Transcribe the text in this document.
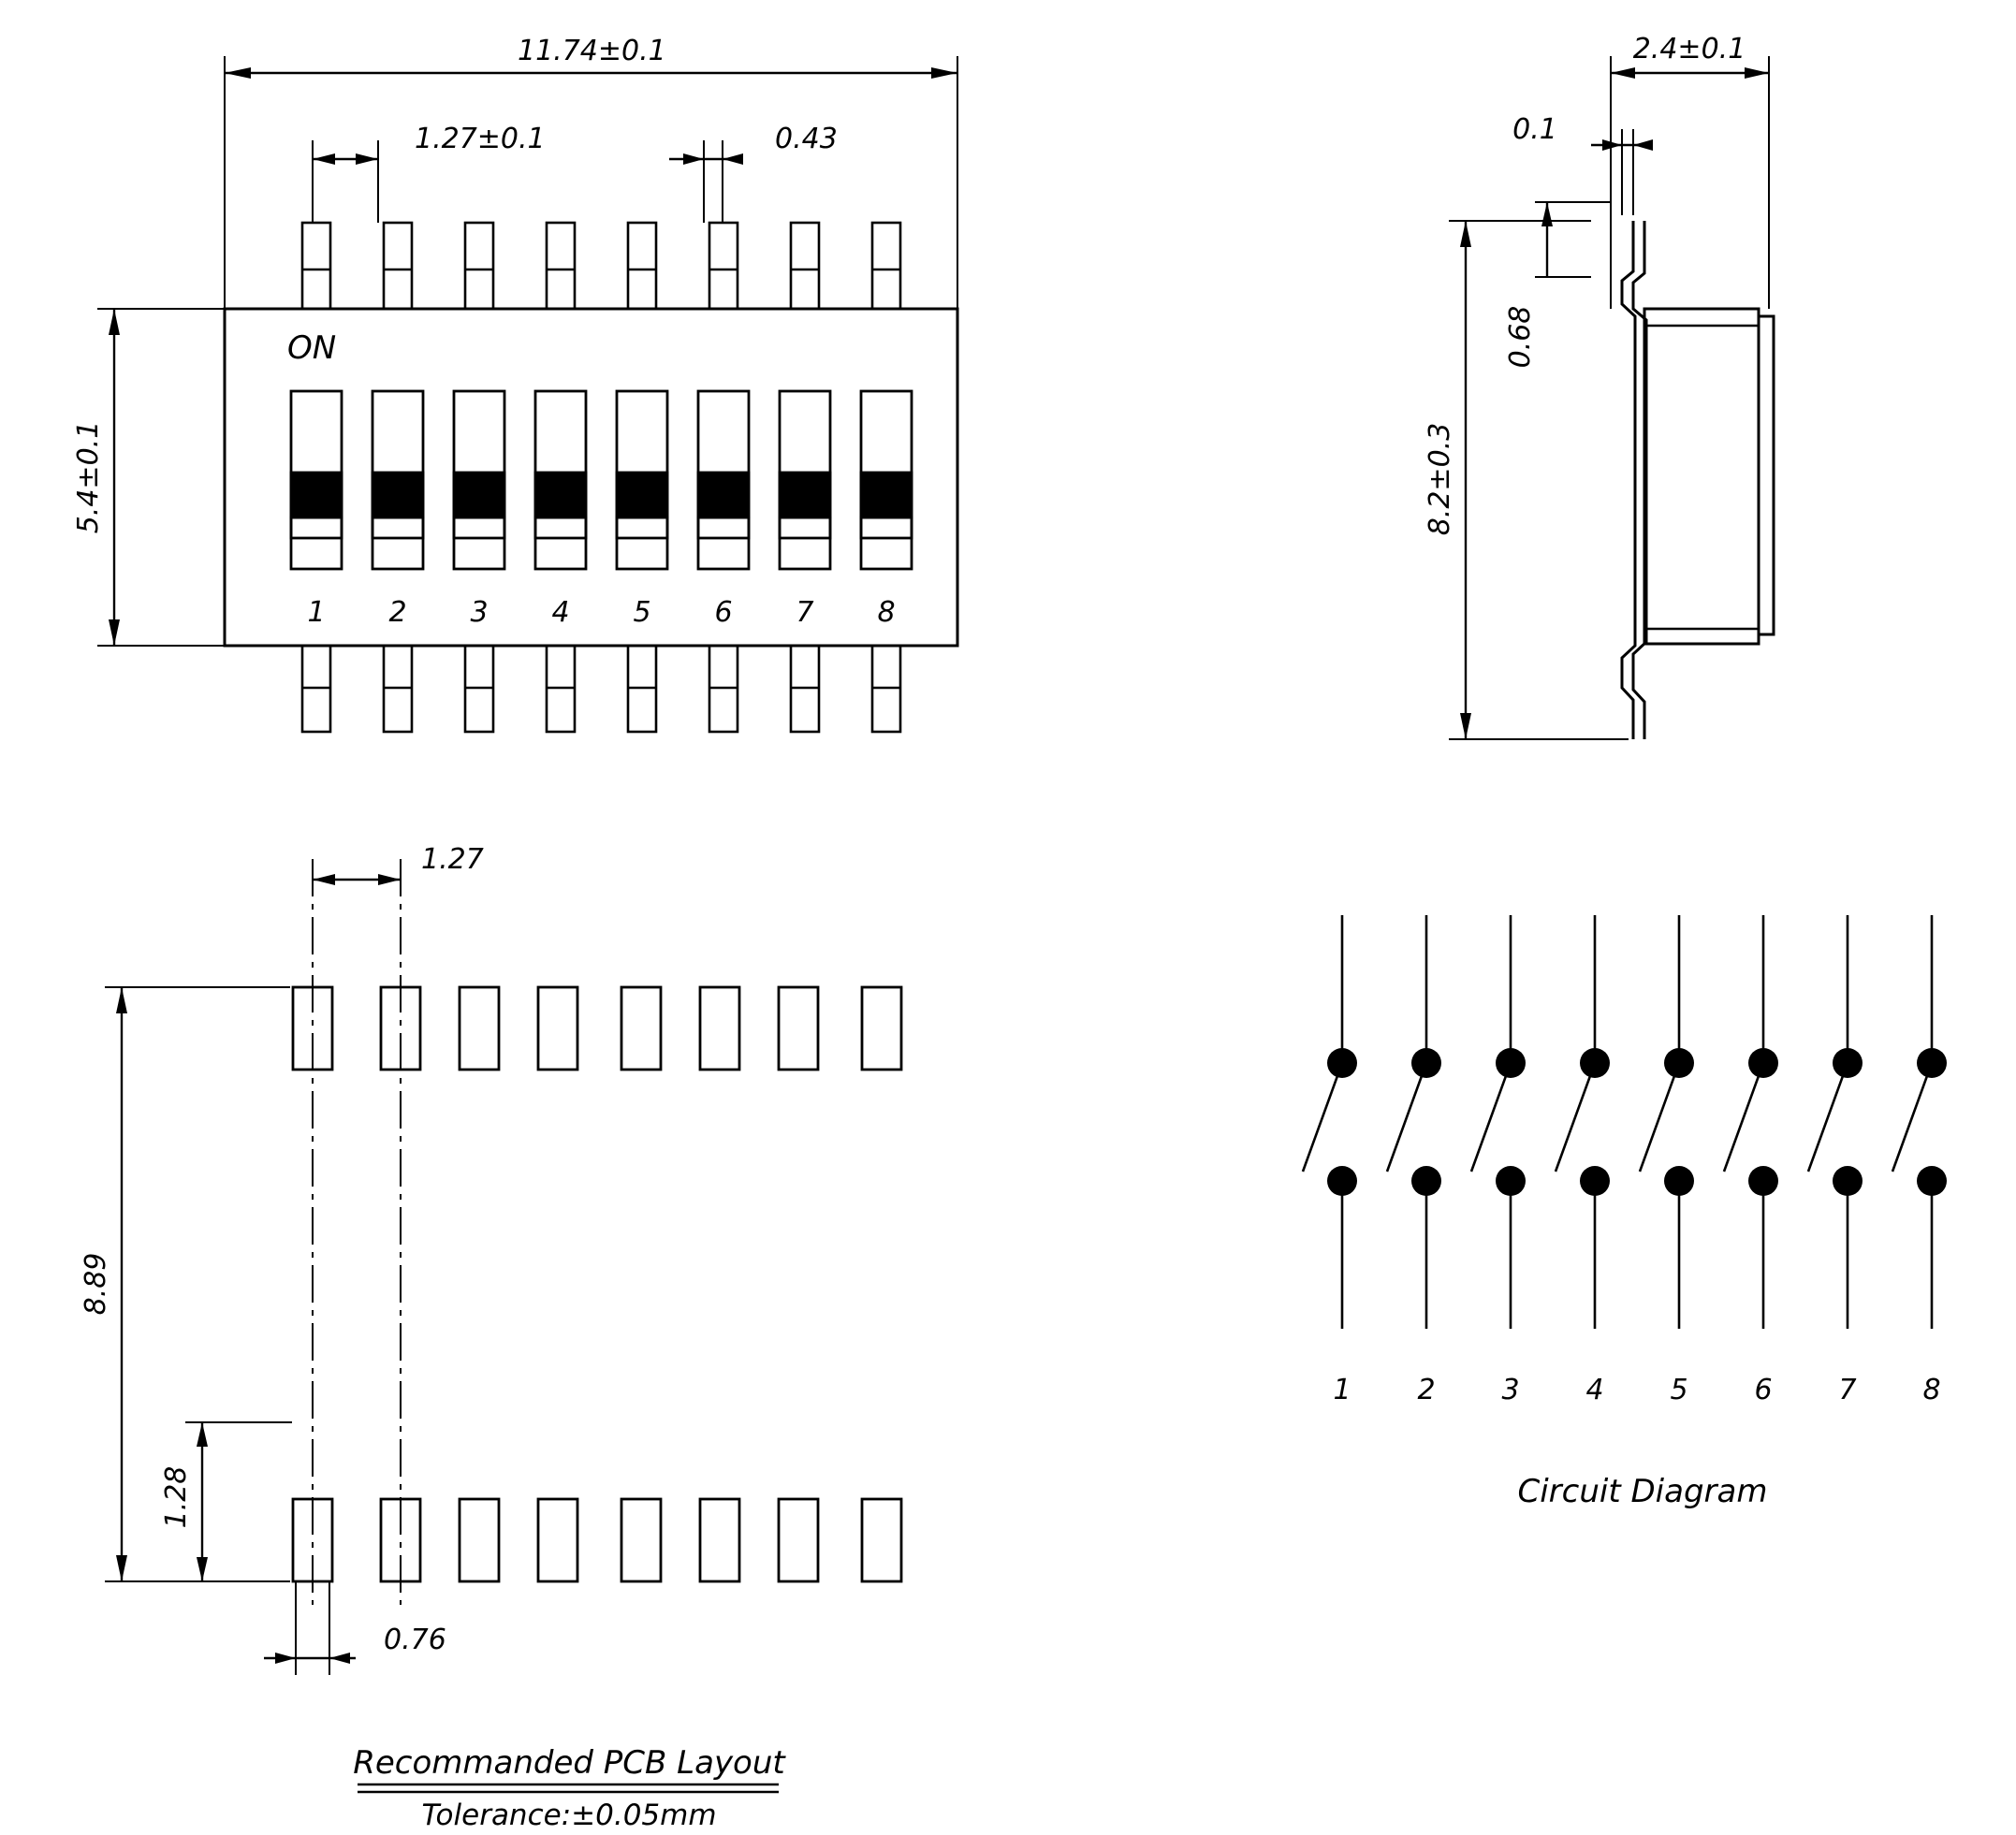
11.74±0.1
1.27±0.1	0.43
5.4±0.1
ON
1 2 3 4 5 6 7 8
2.4±0.1
0.1
0.68
8.2±0.3
1.27
8.89
1.28
0.76
Recommanded PCB Layout
Tolerance:±0.05mm
1 2 3 4 5 6 7 8
Circuit Diagram
